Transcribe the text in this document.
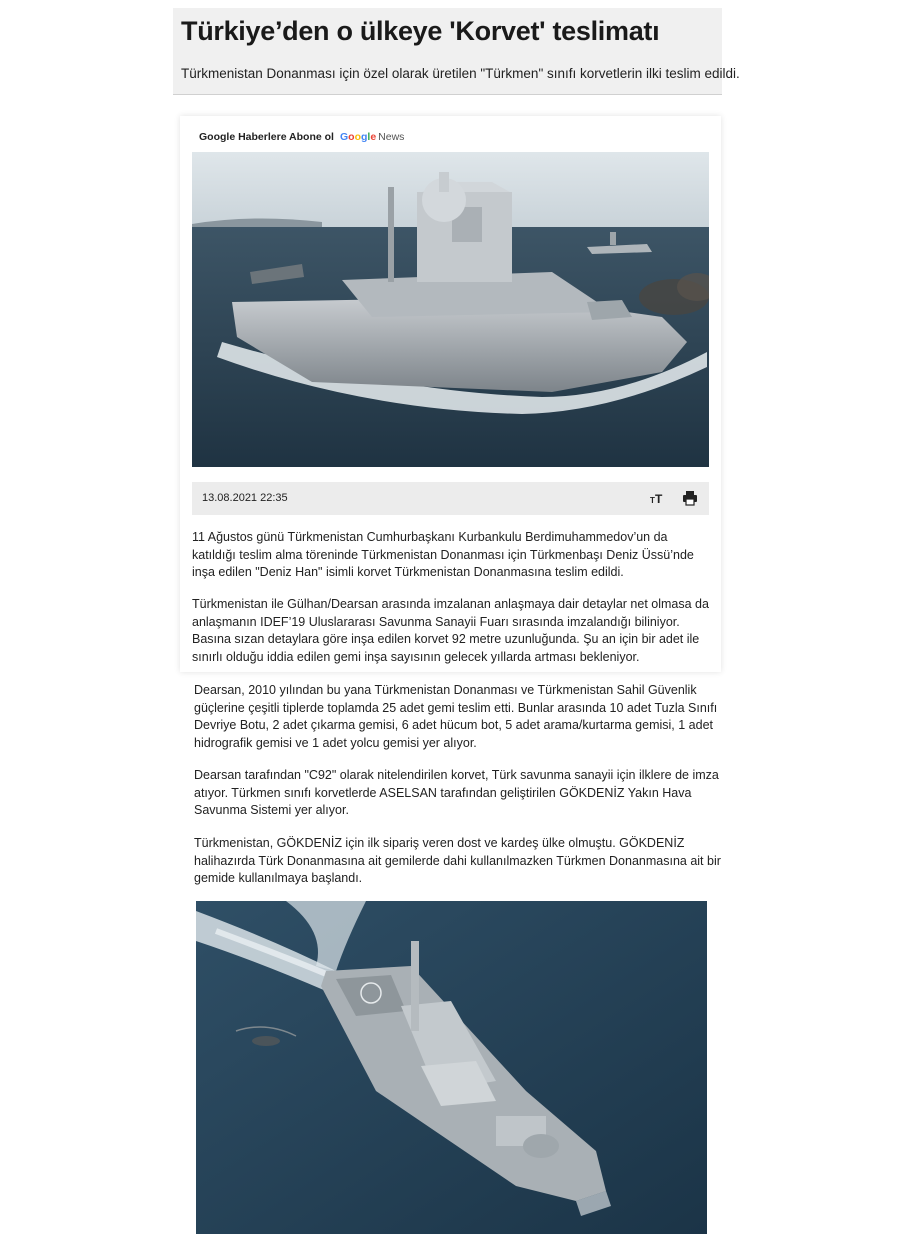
Türkiye’den o ülkeye 'Korvet' teslimatı

Türkmenistan Donanması için özel olarak üretilen "Türkmen" sınıfı korvetlerin ilki teslim edildi.

Google Haberlere Abone ol Google News
13.08.2021 22:35	T T

11 Ağustos günü Türkmenistan Cumhurbaşkanı Kurbankulu Berdimuhammedov’un da katıldığı teslim alma töreninde Türkmenistan Donanması için Türkmenbaşı Deniz Üssü’nde inşa edilen "Deniz Han" isimli korvet Türkmenistan Donanmasına teslim edildi.

Türkmenistan ile Gülhan/Dearsan arasında imzalanan anlaşmaya dair detaylar net olmasa da anlaşmanın IDEF’19 Uluslararası Savunma Sanayii Fuarı sırasında imzalandığı biliniyor. Basına sızan detaylara göre inşa edilen korvet 92 metre uzunluğunda. Şu an için bir adet ile sınırlı olduğu iddia edilen gemi inşa sayısının gelecek yıllarda artması bekleniyor.

Dearsan, 2010 yılından bu yana Türkmenistan Donanması ve Türkmenistan Sahil Güvenlik güçlerine çeşitli tiplerde toplamda 25 adet gemi teslim etti. Bunlar arasında 10 adet Tuzla Sınıfı Devriye Botu, 2 adet çıkarma gemisi, 6 adet hücum bot, 5 adet arama/kurtarma gemisi, 1 adet hidrografik gemisi ve 1 adet yolcu gemisi yer alıyor.

Dearsan tarafından "C92" olarak nitelendirilen korvet, Türk savunma sanayii için ilklere de imza atıyor. Türkmen sınıfı korvetlerde ASELSAN tarafından geliştirilen GÖKDENİZ Yakın Hava Savunma Sistemi yer alıyor.

Türkmenistan, GÖKDENİZ için ilk sipariş veren dost ve kardeş ülke olmuştu. GÖKDENİZ halihazırda Türk Donanmasına ait gemilerde dahi kullanılmazken Türkmen Donanmasına ait bir gemide kullanılmaya başlandı.
